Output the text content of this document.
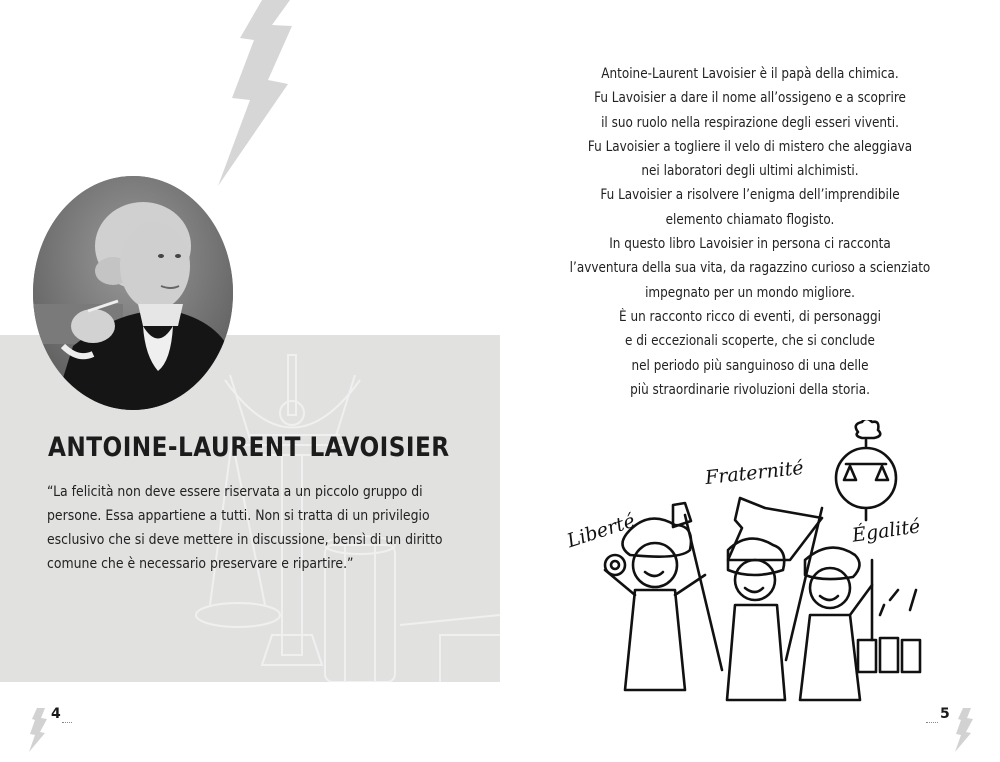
ANTOINE-LAURENT LAVOISIER
“La felicità non deve essere riservata a un piccolo gruppo di
persone. Essa appartiene a tutti. Non si tratta di un privilegio
esclusivo che si deve mettere in discussione, bensì di un diritto
comune che è necessario preservare e ripartire.”
4
Antoine-Laurent Lavoisier è il papà della chimica.
Fu Lavoisier a dare il nome all’ossigeno e a scoprire
il suo ruolo nella respirazione degli esseri viventi.
Fu Lavoisier a togliere il velo di mistero che aleggiava
nei laboratori degli ultimi alchimisti.
Fu Lavoisier a risolvere l’enigma dell’imprendibile
elemento chiamato flogisto.
In questo libro Lavoisier in persona ci racconta
l’avventura della sua vita, da ragazzino curioso a scienziato
impegnato per un mondo migliore.
È un racconto ricco di eventi, di personaggi
e di eccezionali scoperte, che si conclude
nel periodo più sanguinoso di una delle
più straordinarie rivoluzioni della storia.
Liberté
Fraternité
Égalité
5
